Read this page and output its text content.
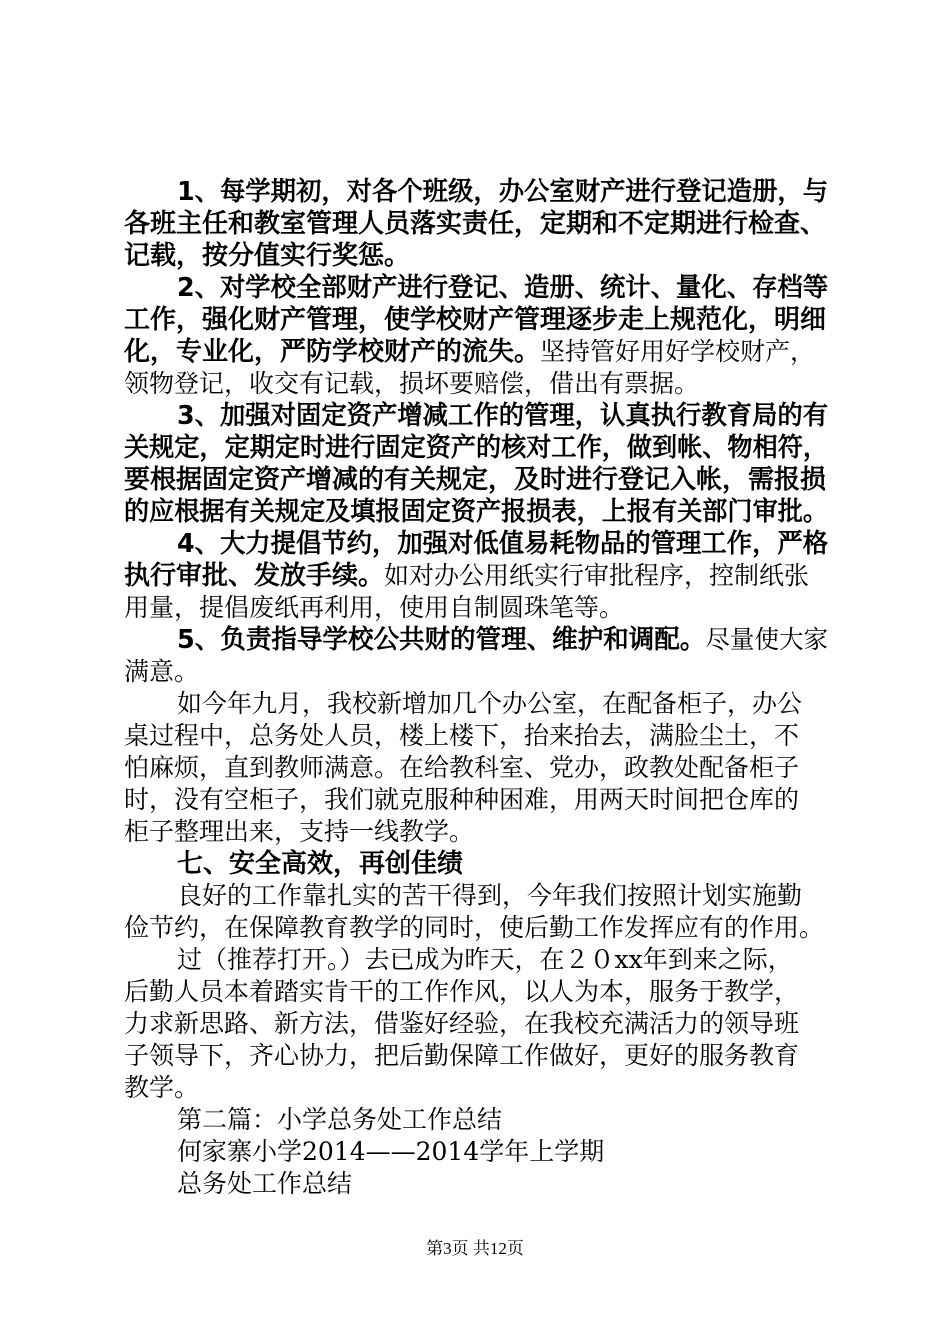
1、每学期初，对各个班级，办公室财产进行登记造册，与
各班主任和教室管理人员落实责任，定期和不定期进行检查、
记载，按分值实行奖惩。
2、对学校全部财产进行登记、造册、统计、量化、存档等
工作，强化财产管理，使学校财产管理逐步走上规范化，明细
化，专业化，严防学校财产的流失。坚持管好用好学校财产，
领物登记，收交有记载，损坏要赔偿，借出有票据。
3、加强对固定资产增减工作的管理，认真执行教育局的有
关规定，定期定时进行固定资产的核对工作，做到帐、物相符，
要根据固定资产增减的有关规定，及时进行登记入帐，需报损
的应根据有关规定及填报固定资产报损表，上报有关部门审批。
4、大力提倡节约，加强对低值易耗物品的管理工作，严格
执行审批、发放手续。如对办公用纸实行审批程序，控制纸张
用量，提倡废纸再利用，使用自制圆珠笔等。
5、负责指导学校公共财的管理、维护和调配。尽量使大家
满意。
如今年九月，我校新增加几个办公室，在配备柜子，办公
桌过程中，总务处人员，楼上楼下，抬来抬去，满脸尘土，不
怕麻烦，直到教师满意。在给教科室、党办，政教处配备柜子
时，没有空柜子，我们就克服种种困难，用两天时间把仓库的
柜子整理出来，支持一线教学。
七、安全高效，再创佳绩
良好的工作靠扎实的苦干得到，今年我们按照计划实施勤
俭节约，在保障教育教学的同时，使后勤工作发挥应有的作用。
过（推荐打开。）去已成为昨天，在２０xx年到来之际，
后勤人员本着踏实肯干的工作作风，以人为本，服务于教学，
力求新思路、新方法，借鉴好经验，在我校充满活力的领导班
子领导下，齐心协力，把后勤保障工作做好，更好的服务教育
教学。
第二篇：小学总务处工作总结
何家寨小学2014——2014学年上学期
总务处工作总结
第3页 共12页
